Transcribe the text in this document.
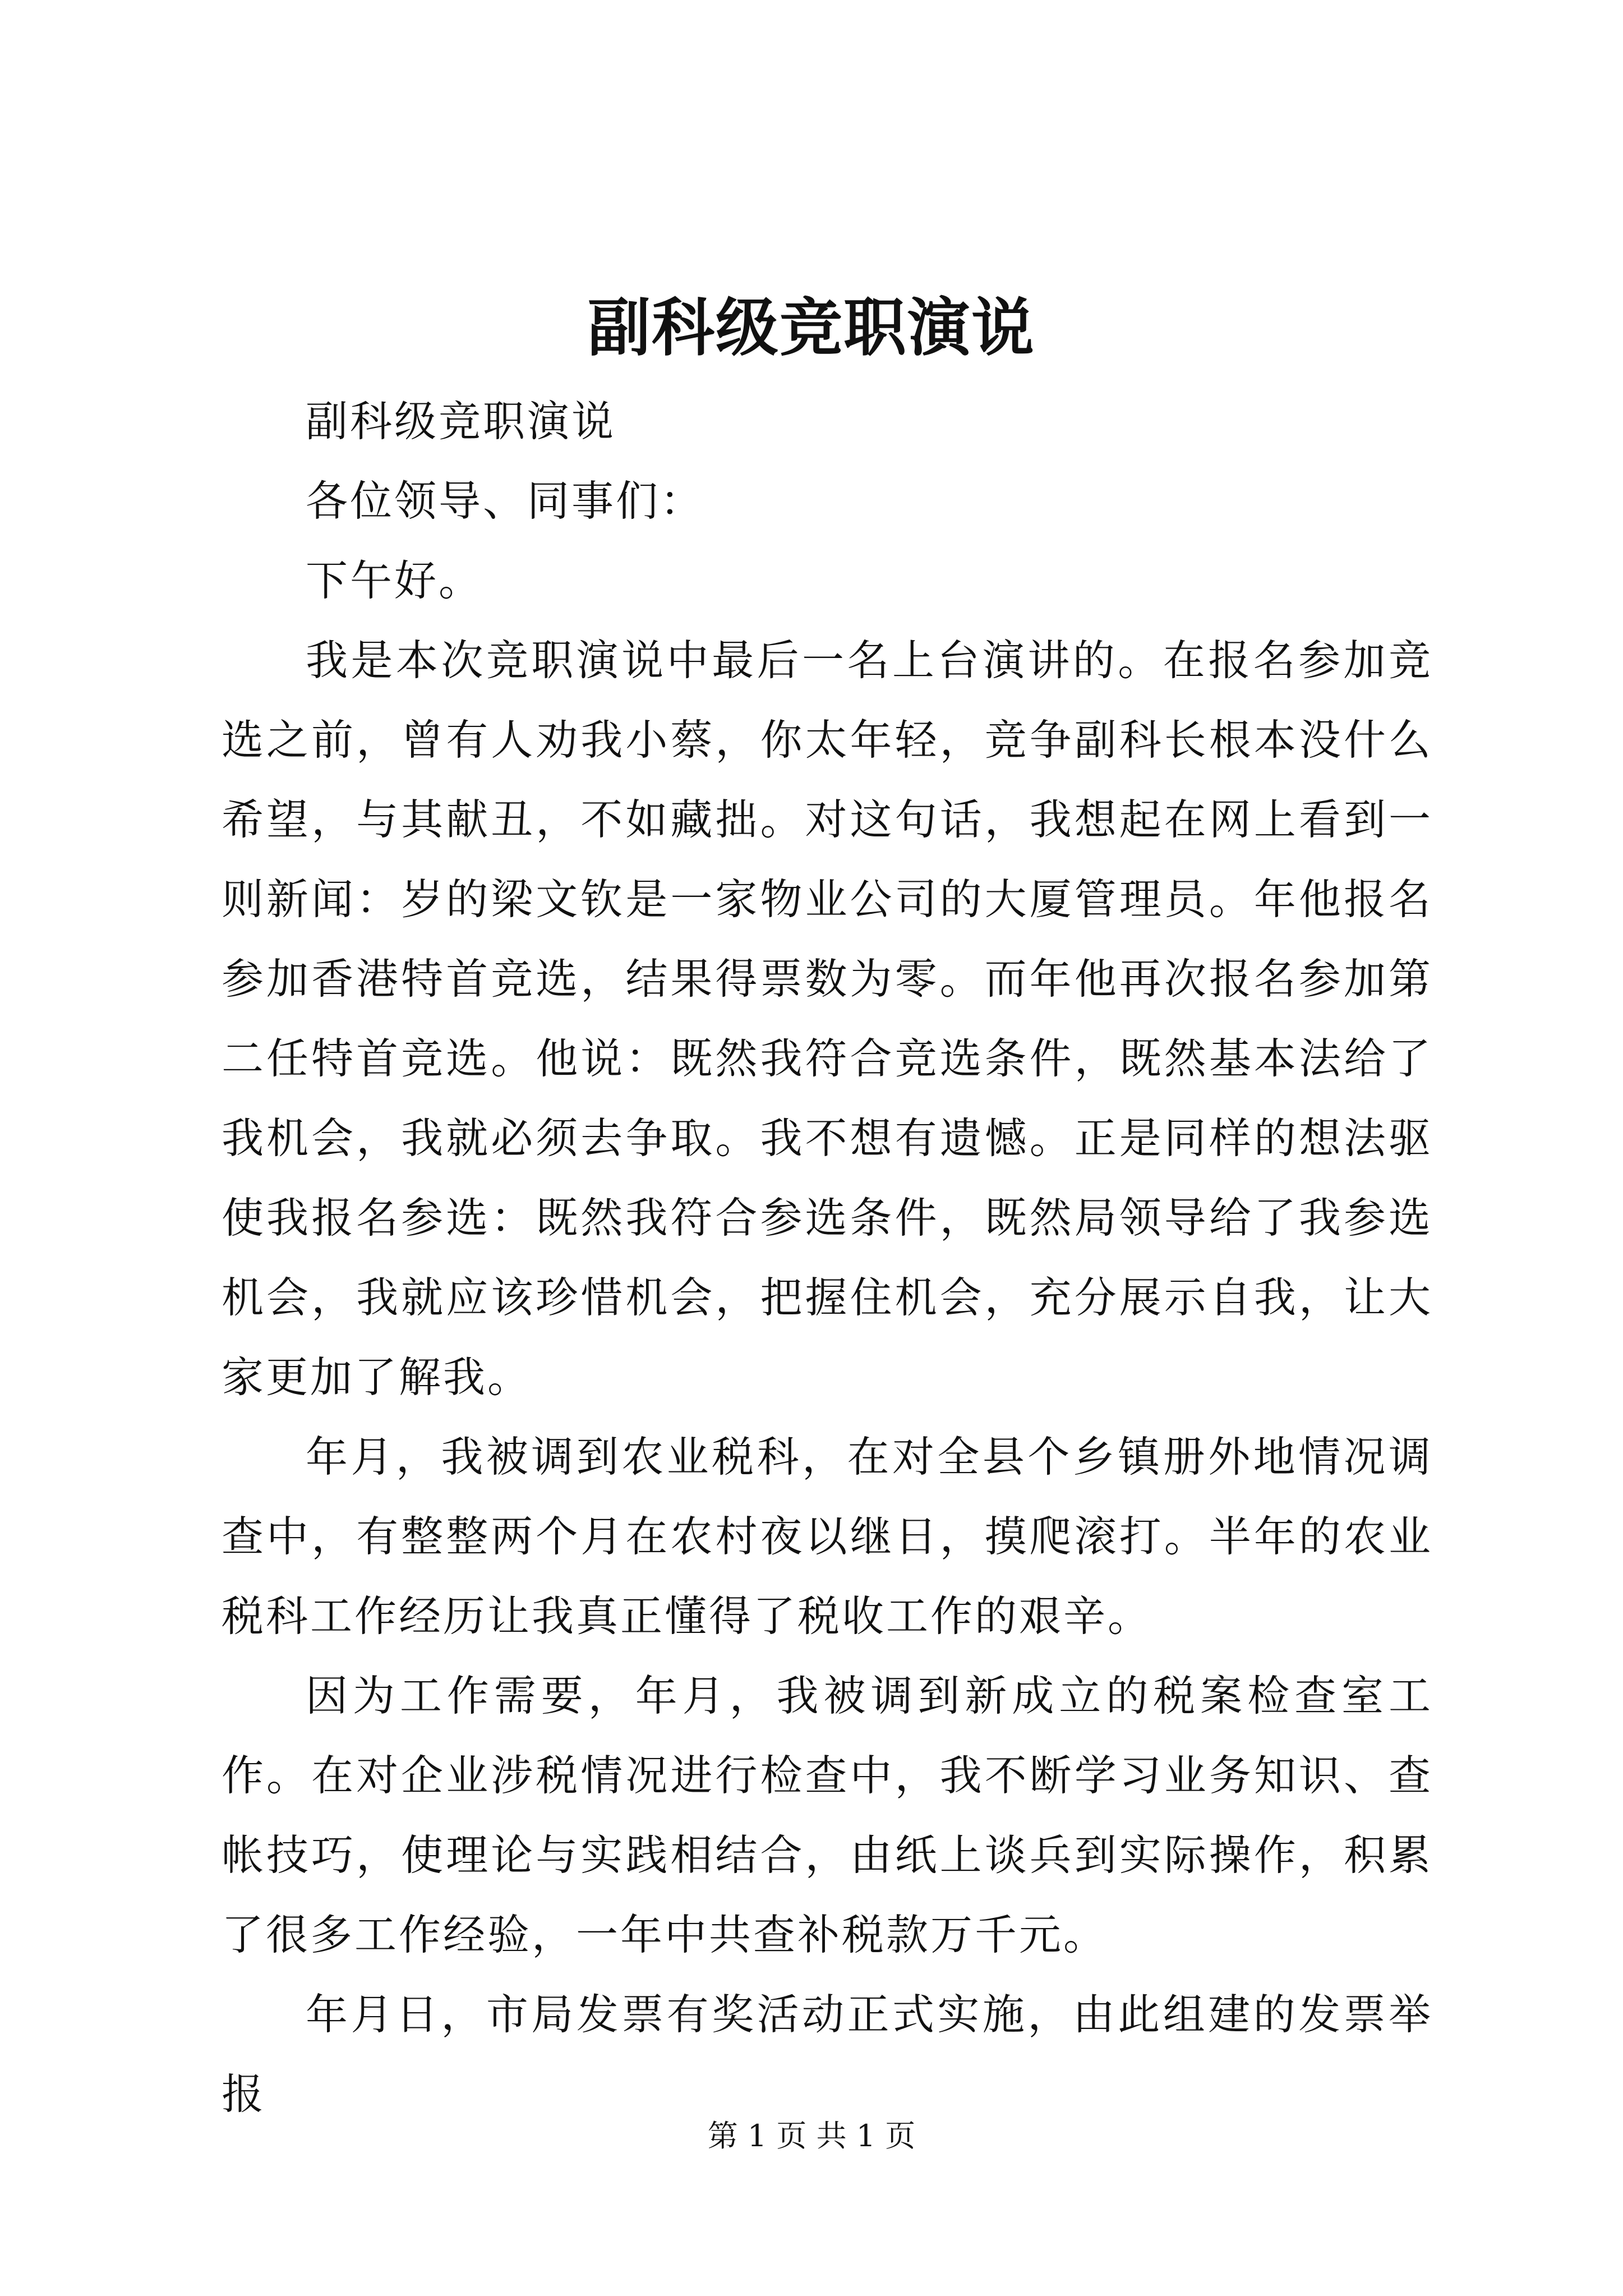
副科级竞职演说

副科级竞职演说

各位领导、同事们：

下午好。

我是本次竞职演说中最后一名上台演讲的。在报名参加竞选之前，曾有人劝我小蔡，你太年轻，竞争副科长根本没什么希望，与其献丑，不如藏拙。对这句话，我想起在网上看到一则新闻：岁的梁文钦是一家物业公司的大厦管理员。年他报名参加香港特首竞选，结果得票数为零。而年他再次报名参加第二任特首竞选。他说：既然我符合竞选条件，既然基本法给了我机会，我就必须去争取。我不想有遗憾。正是同样的想法驱使我报名参选：既然我符合参选条件，既然局领导给了我参选机会，我就应该珍惜机会，把握住机会，充分展示自我，让大家更加了解我。

年月，我被调到农业税科，在对全县个乡镇册外地情况调查中，有整整两个月在农村夜以继日，摸爬滚打。半年的农业税科工作经历让我真正懂得了税收工作的艰辛。

因为工作需要，年月，我被调到新成立的税案检查室工作。在对企业涉税情况进行检查中，我不断学习业务知识、查帐技巧，使理论与实践相结合，由纸上谈兵到实际操作，积累了很多工作经验，一年中共查补税款万千元。

年月日，市局发票有奖活动正式实施，由此组建的发票举报

第 1 页 共 1 页
